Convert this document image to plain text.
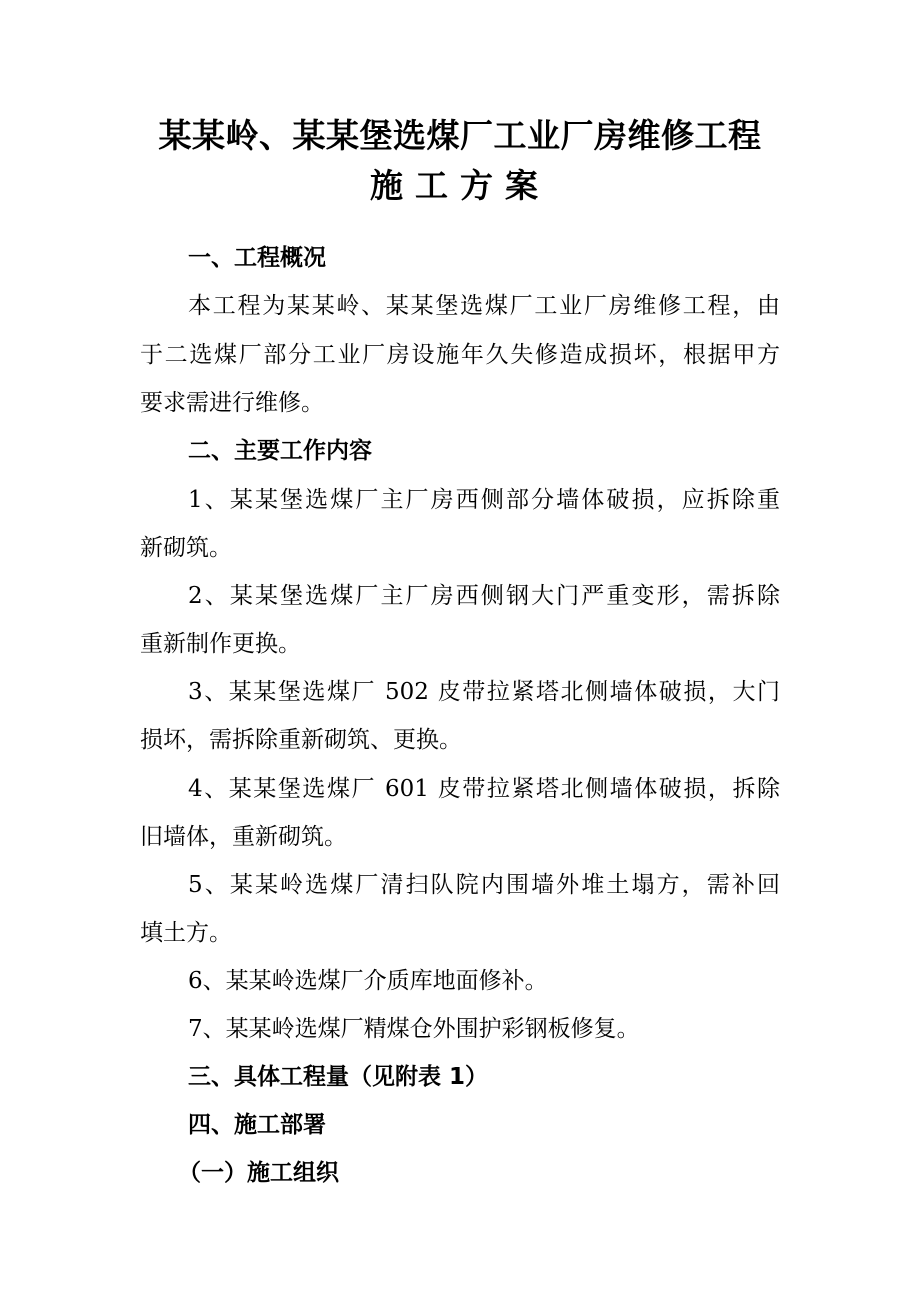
某某岭、某某堡选煤厂工业厂房维修工程
施工方案
一、工程概况
本工程为某某岭、某某堡选煤厂工业厂房维修工程，由
于二选煤厂部分工业厂房设施年久失修造成损坏，根据甲方
要求需进行维修。
二、主要工作内容
1、某某堡选煤厂主厂房西侧部分墙体破损，应拆除重
新砌筑。
2、某某堡选煤厂主厂房西侧钢大门严重变形，需拆除
重新制作更换。
3、某某堡选煤厂 502 皮带拉紧塔北侧墙体破损，大门
损坏，需拆除重新砌筑、更换。
4、某某堡选煤厂 601 皮带拉紧塔北侧墙体破损，拆除
旧墙体，重新砌筑。
5、某某岭选煤厂清扫队院内围墙外堆土塌方，需补回
填土方。
6、某某岭选煤厂介质库地面修补。
7、某某岭选煤厂精煤仓外围护彩钢板修复。
三、具体工程量（见附表 1）
四、施工部署
（一）施工组织
